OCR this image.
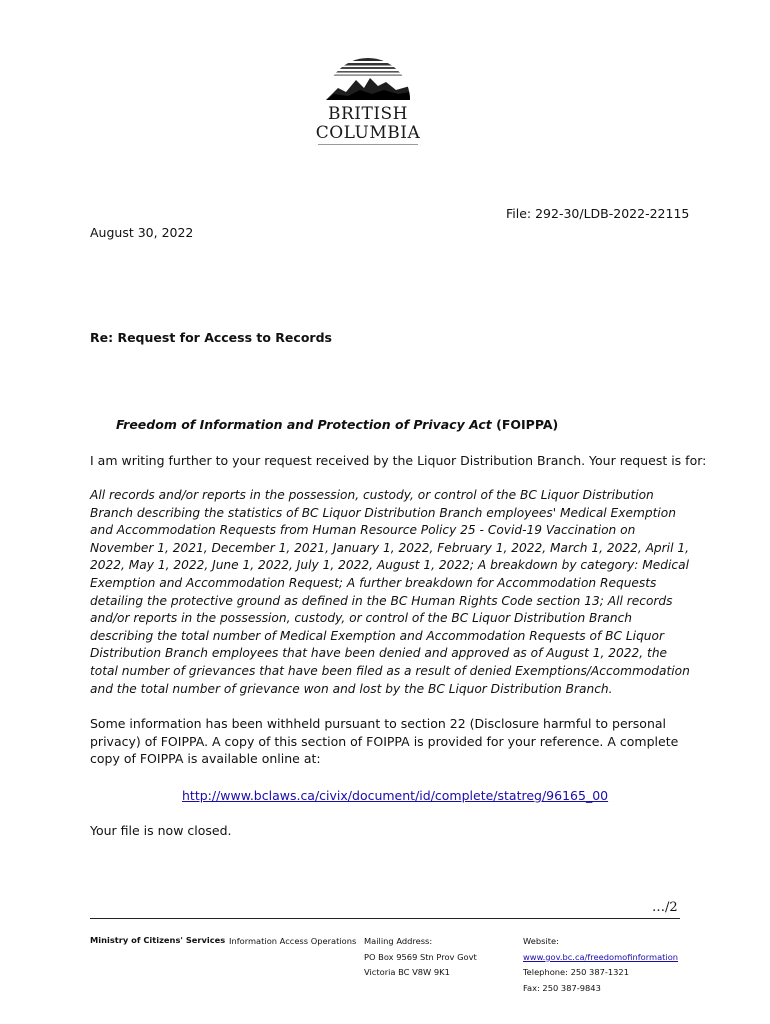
BRITISH
COLUMBIA
File: 292-30/LDB-2022-22115
August 30, 2022
Re: Request for Access to Records
Freedom of Information and Protection of Privacy Act (FOIPPA)
I am writing further to your request received by the Liquor Distribution Branch. Your request is for:
All records and/or reports in the possession, custody, or control of the BC Liquor Distribution Branch describing the statistics of BC Liquor Distribution Branch employees' Medical Exemption and Accommodation Requests from Human Resource Policy 25 - Covid-19 Vaccination on November 1, 2021, December 1, 2021, January 1, 2022, February 1, 2022, March 1, 2022, April 1, 2022, May 1, 2022, June 1, 2022, July 1, 2022, August 1, 2022; A breakdown by category: Medical Exemption and Accommodation Request; A further breakdown for Accommodation Requests detailing the protective ground as defined in the BC Human Rights Code section 13; All records and/or reports in the possession, custody, or control of the BC Liquor Distribution Branch describing the total number of Medical Exemption and Accommodation Requests of BC Liquor Distribution Branch employees that have been denied and approved as of August 1, 2022, the total number of grievances that have been filed as a result of denied Exemptions/Accommodation and the total number of grievance won and lost by the BC Liquor Distribution Branch.
Some information has been withheld pursuant to section 22 (Disclosure harmful to personal privacy) of FOIPPA. A copy of this section of FOIPPA is provided for your reference. A complete copy of FOIPPA is available online at:
http://www.bclaws.ca/civix/document/id/complete/statreg/96165_00
Your file is now closed.
…/2
Ministry of Citizens' Services Information Access Operations Mailing Address:
PO Box 9569 Stn Prov Govt
Victoria BC V8W 9K1
Website:
www.gov.bc.ca/freedomofinformation
Telephone: 250 387-1321
Fax: 250 387-9843
